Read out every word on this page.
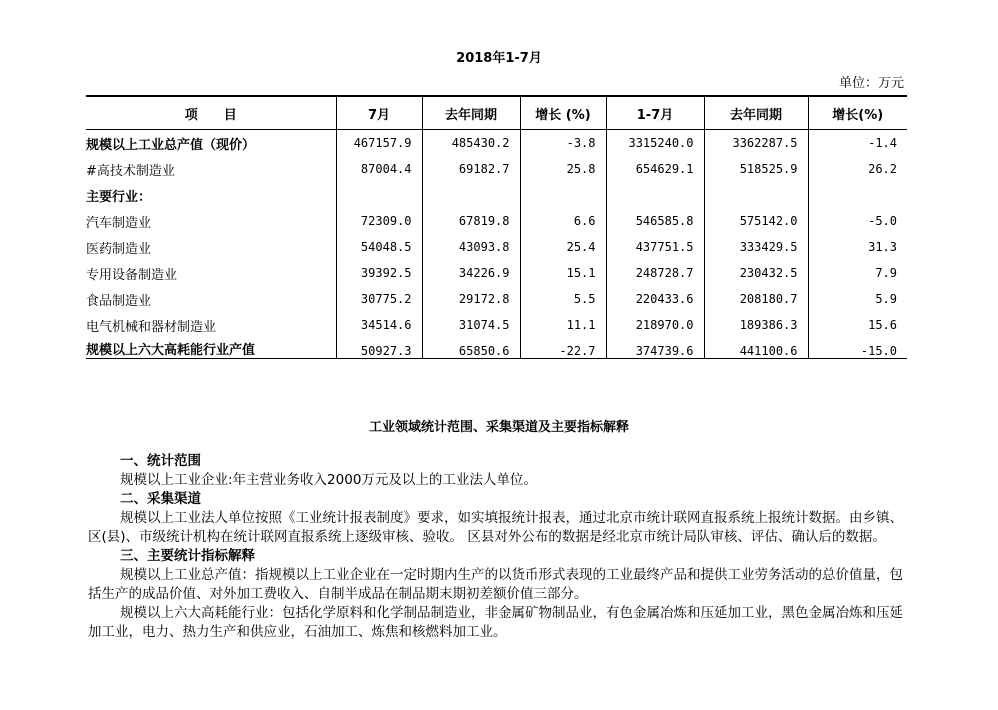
2018年1-7月
单位：万元
项　　目	7月	去年同期	增长 (%)	1-7月	去年同期	增长(%)
规模以上工业总产值（现价）	467157.9	485430.2	-3.8	3315240.0	3362287.5	-1.4
#高技术制造业	87004.4	69182.7	25.8	654629.1	518525.9	26.2
主要行业：						
汽车制造业	72309.0	67819.8	6.6	546585.8	575142.0	-5.0
医药制造业	54048.5	43093.8	25.4	437751.5	333429.5	31.3
专用设备制造业	39392.5	34226.9	15.1	248728.7	230432.5	7.9
食品制造业	30775.2	29172.8	5.5	220433.6	208180.7	5.9
电气机械和器材制造业	34514.6	31074.5	11.1	218970.0	189386.3	15.6
规模以上六大高耗能行业产值	50927.3	65850.6	-22.7	374739.6	441100.6	-15.0
工业领域统计范围、采集渠道及主要指标解释
一、统计范围
规模以上工业企业:年主营业务收入2000万元及以上的工业法人单位。
二、采集渠道
规模以上工业法人单位按照《工业统计报表制度》要求，如实填报统计报表，通过北京市统计联网直报系统上报统计数据。由乡镇、区(县)、市级统计机构在统计联网直报系统上逐级审核、验收。 区县对外公布的数据是经北京市统计局队审核、评估、确认后的数据。
三、主要统计指标解释
规模以上工业总产值：指规模以上工业企业在一定时期内生产的以货币形式表现的工业最终产品和提供工业劳务活动的总价值量，包括生产的成品价值、对外加工费收入、自制半成品在制品期末期初差额价值三部分。
规模以上六大高耗能行业：包括化学原料和化学制品制造业，非金属矿物制品业，有色金属冶炼和压延加工业，黑色金属冶炼和压延加工业，电力、热力生产和供应业，石油加工、炼焦和核燃料加工业。
